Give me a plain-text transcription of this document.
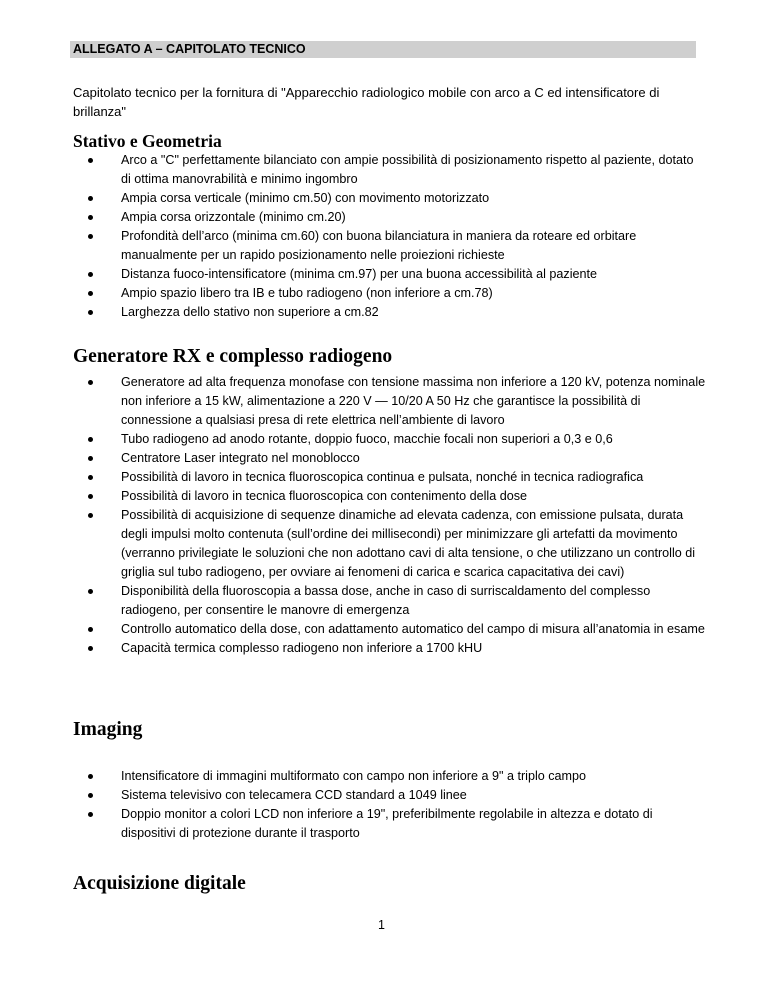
ALLEGATO A – CAPITOLATO TECNICO
Capitolato tecnico per la fornitura di "Apparecchio radiologico mobile con arco a C ed intensificatore di brillanza"
Stativo e Geometria
Arco a "C" perfettamente bilanciato con ampie possibilità di posizionamento rispetto al paziente, dotato di ottima manovrabilità e minimo ingombro
Ampia corsa verticale (minimo cm.50) con movimento motorizzato
Ampia corsa orizzontale (minimo cm.20)
Profondità dell’arco (minima cm.60) con buona bilanciatura in maniera da roteare ed orbitare manualmente per un rapido posizionamento nelle proiezioni richieste
Distanza fuoco-intensificatore (minima cm.97) per una buona accessibilità al paziente
Ampio spazio libero tra IB e tubo radiogeno (non inferiore a cm.78)
Larghezza dello stativo non superiore a cm.82
Generatore RX e complesso radiogeno
Generatore ad alta frequenza monofase con tensione massima non inferiore a 120 kV, potenza nominale non inferiore a 15 kW, alimentazione a 220 V — 10/20 A 50 Hz che garantisce la possibilità di connessione a qualsiasi presa di rete elettrica nell’ambiente di lavoro
Tubo radiogeno ad anodo rotante, doppio fuoco, macchie focali non superiori a 0,3 e 0,6
Centratore Laser integrato nel monoblocco
Possibilità di lavoro in tecnica fluoroscopica continua e pulsata, nonché in tecnica radiografica
Possibilità di lavoro in tecnica fluoroscopica con contenimento della dose
Possibilità di acquisizione di sequenze dinamiche ad elevata cadenza, con emissione pulsata, durata degli impulsi molto contenuta (sull’ordine dei millisecondi) per minimizzare gli artefatti da movimento (verranno privilegiate le soluzioni che non adottano cavi di alta tensione, o che utilizzano un controllo di griglia sul tubo radiogeno, per ovviare ai fenomeni di carica e scarica capacitativa dei cavi)
Disponibilità della fluoroscopia a bassa dose, anche in caso di surriscaldamento del complesso radiogeno, per consentire le manovre di emergenza
Controllo automatico della dose, con adattamento automatico del campo di misura all’anatomia in esame
Capacità termica complesso radiogeno non inferiore a 1700 kHU
Imaging
Intensificatore di immagini multiformato con campo non inferiore a 9" a triplo campo
Sistema televisivo con telecamera CCD standard a 1049 linee
Doppio monitor a colori LCD non inferiore a 19", preferibilmente regolabile in altezza e dotato di dispositivi di protezione durante il trasporto
Acquisizione digitale
1
